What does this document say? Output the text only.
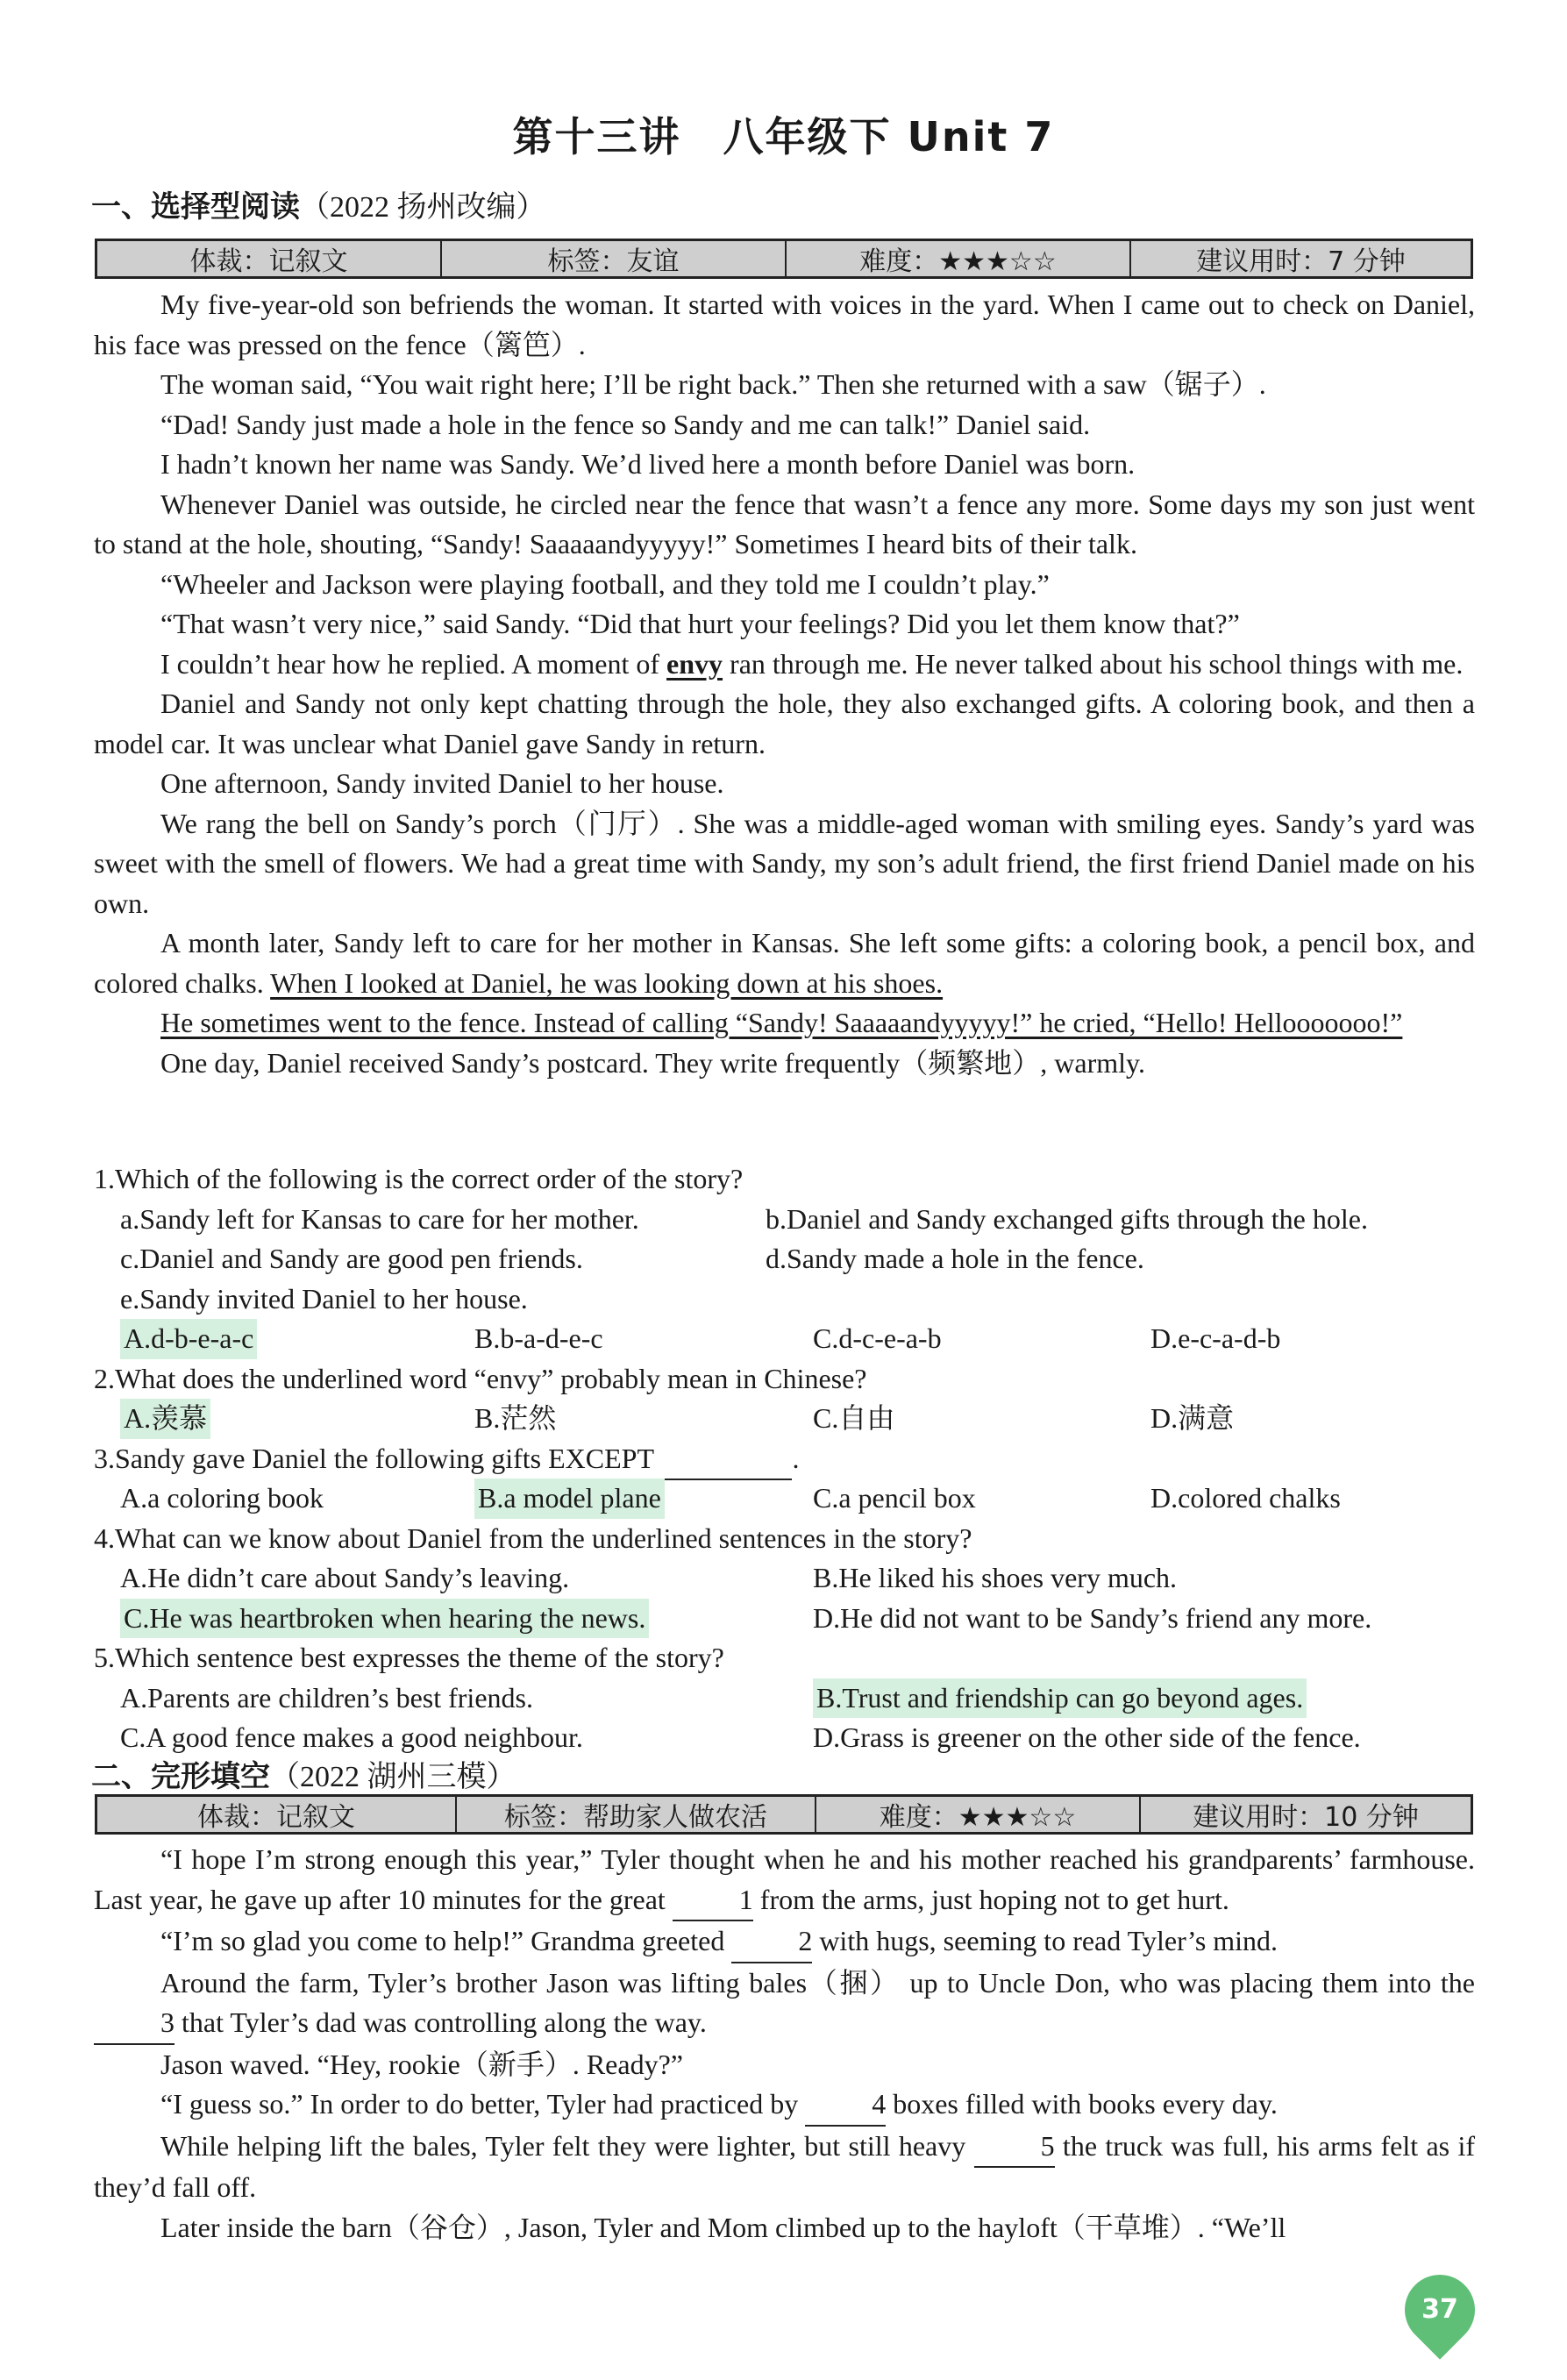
第十三讲　八年级下 Unit 7
一、选择型阅读（2022 扬州改编）
体裁：记叙文	标签：友谊	难度：★★★☆☆	建议用时：7 分钟

My five-year-old son befriends the woman. It started with voices in the yard. When I came out to check on Daniel, his face was pressed on the fence（篱笆）.

The woman said, “You wait right here; I’ll be right back.” Then she returned with a saw（锯子）.

“Dad! Sandy just made a hole in the fence so Sandy and me can talk!” Daniel said.

I hadn’t known her name was Sandy. We’d lived here a month before Daniel was born.

Whenever Daniel was outside, he circled near the fence that wasn’t a fence any more. Some days my son just went to stand at the hole, shouting, “Sandy! Saaaaandyyyyy!” Sometimes I heard bits of their talk.

“Wheeler and Jackson were playing football, and they told me I couldn’t play.”

“That wasn’t very nice,” said Sandy. “Did that hurt your feelings? Did you let them know that?”

I couldn’t hear how he replied. A moment of envy ran through me. He never talked about his school things with me.

Daniel and Sandy not only kept chatting through the hole, they also exchanged gifts. A coloring book, and then a model car. It was unclear what Daniel gave Sandy in return.

One afternoon, Sandy invited Daniel to her house.

We rang the bell on Sandy’s porch（门厅）. She was a middle-aged woman with smiling eyes. Sandy’s yard was sweet with the smell of flowers. We had a great time with Sandy, my son’s adult friend, the first friend Daniel made on his own.

A month later, Sandy left to care for her mother in Kansas. She left some gifts: a coloring book, a pencil box, and colored chalks. When I looked at Daniel, he was looking down at his shoes.

He sometimes went to the fence. Instead of calling “Sandy! Saaaaandyyyyy!” he cried, “Hello! Hellooooooo!”

One day, Daniel received Sandy’s postcard. They write frequently（频繁地）, warmly.

1.Which of the following is the correct order of the story?
a.Sandy left for Kansas to care for her mother.	b.Daniel and Sandy exchanged gifts through the hole.
c.Daniel and Sandy are good pen friends.	d.Sandy made a hole in the fence.
e.Sandy invited Daniel to her house.
A.d-b-e-a-c	B.b-a-d-e-c	C.d-c-e-a-b	D.e-c-a-d-b
2.What does the underlined word “envy” probably mean in Chinese?
A.羡慕	B.茫然	C.自由	D.满意
3.Sandy gave Daniel the following gifts EXCEPT	.
A.a coloring book	B.a model plane	C.a pencil box	D.colored chalks
4.What can we know about Daniel from the underlined sentences in the story?
A.He didn’t care about Sandy’s leaving.	B.He liked his shoes very much.
C.He was heartbroken when hearing the news.	D.He did not want to be Sandy’s friend any more.
5.Which sentence best expresses the theme of the story?
A.Parents are children’s best friends.	B.Trust and friendship can go beyond ages.
C.A good fence makes a good neighbour.	D.Grass is greener on the other side of the fence.
二、完形填空（2022 湖州三模）
体裁：记叙文	标签：帮助家人做农活	难度：★★★☆☆	建议用时：10 分钟

“I hope I’m strong enough this year,” Tyler thought when he and his mother reached his grandparents’ farmhouse. Last year, he gave up after 10 minutes for the great 1 from the arms, just hoping not to get hurt.

“I’m so glad you come to help!” Grandma greeted 2 with hugs, seeming to read Tyler’s mind.

Around the farm, Tyler’s brother Jason was lifting bales（捆） up to Uncle Don, who was placing them into the 3 that Tyler’s dad was controlling along the way.

Jason waved. “Hey, rookie（新手）. Ready?”

“I guess so.” In order to do better, Tyler had practiced by 4 boxes filled with books every day.

While helping lift the bales, Tyler felt they were lighter, but still heavy 5 the truck was full, his arms felt as if they’d fall off.

Later inside the barn（谷仓）, Jason, Tyler and Mom climbed up to the hayloft（干草堆）. “We’ll

37
